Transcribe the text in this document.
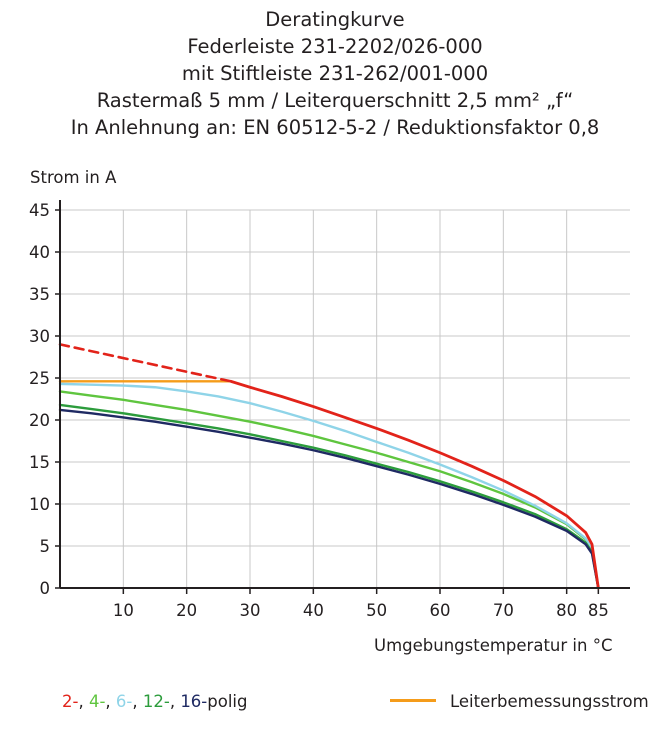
Deratingkurve
Federleiste 231-2202/026-000
mit Stiftleiste 231-262/001-000
Rastermaß 5 mm / Leiterquerschnitt 2,5 mm² „f“
In Anlehnung an: EN 60512-5-2 / Reduktionsfaktor 0,8
Strom in A
Umgebungstemperatur in °C
0
5
10
15
20
25
30
35
40
45
10	20	30	40	50	60	70	80 85
2-, 4-, 6-, 12-, 16-polig	Leiterbemessungsstrom
